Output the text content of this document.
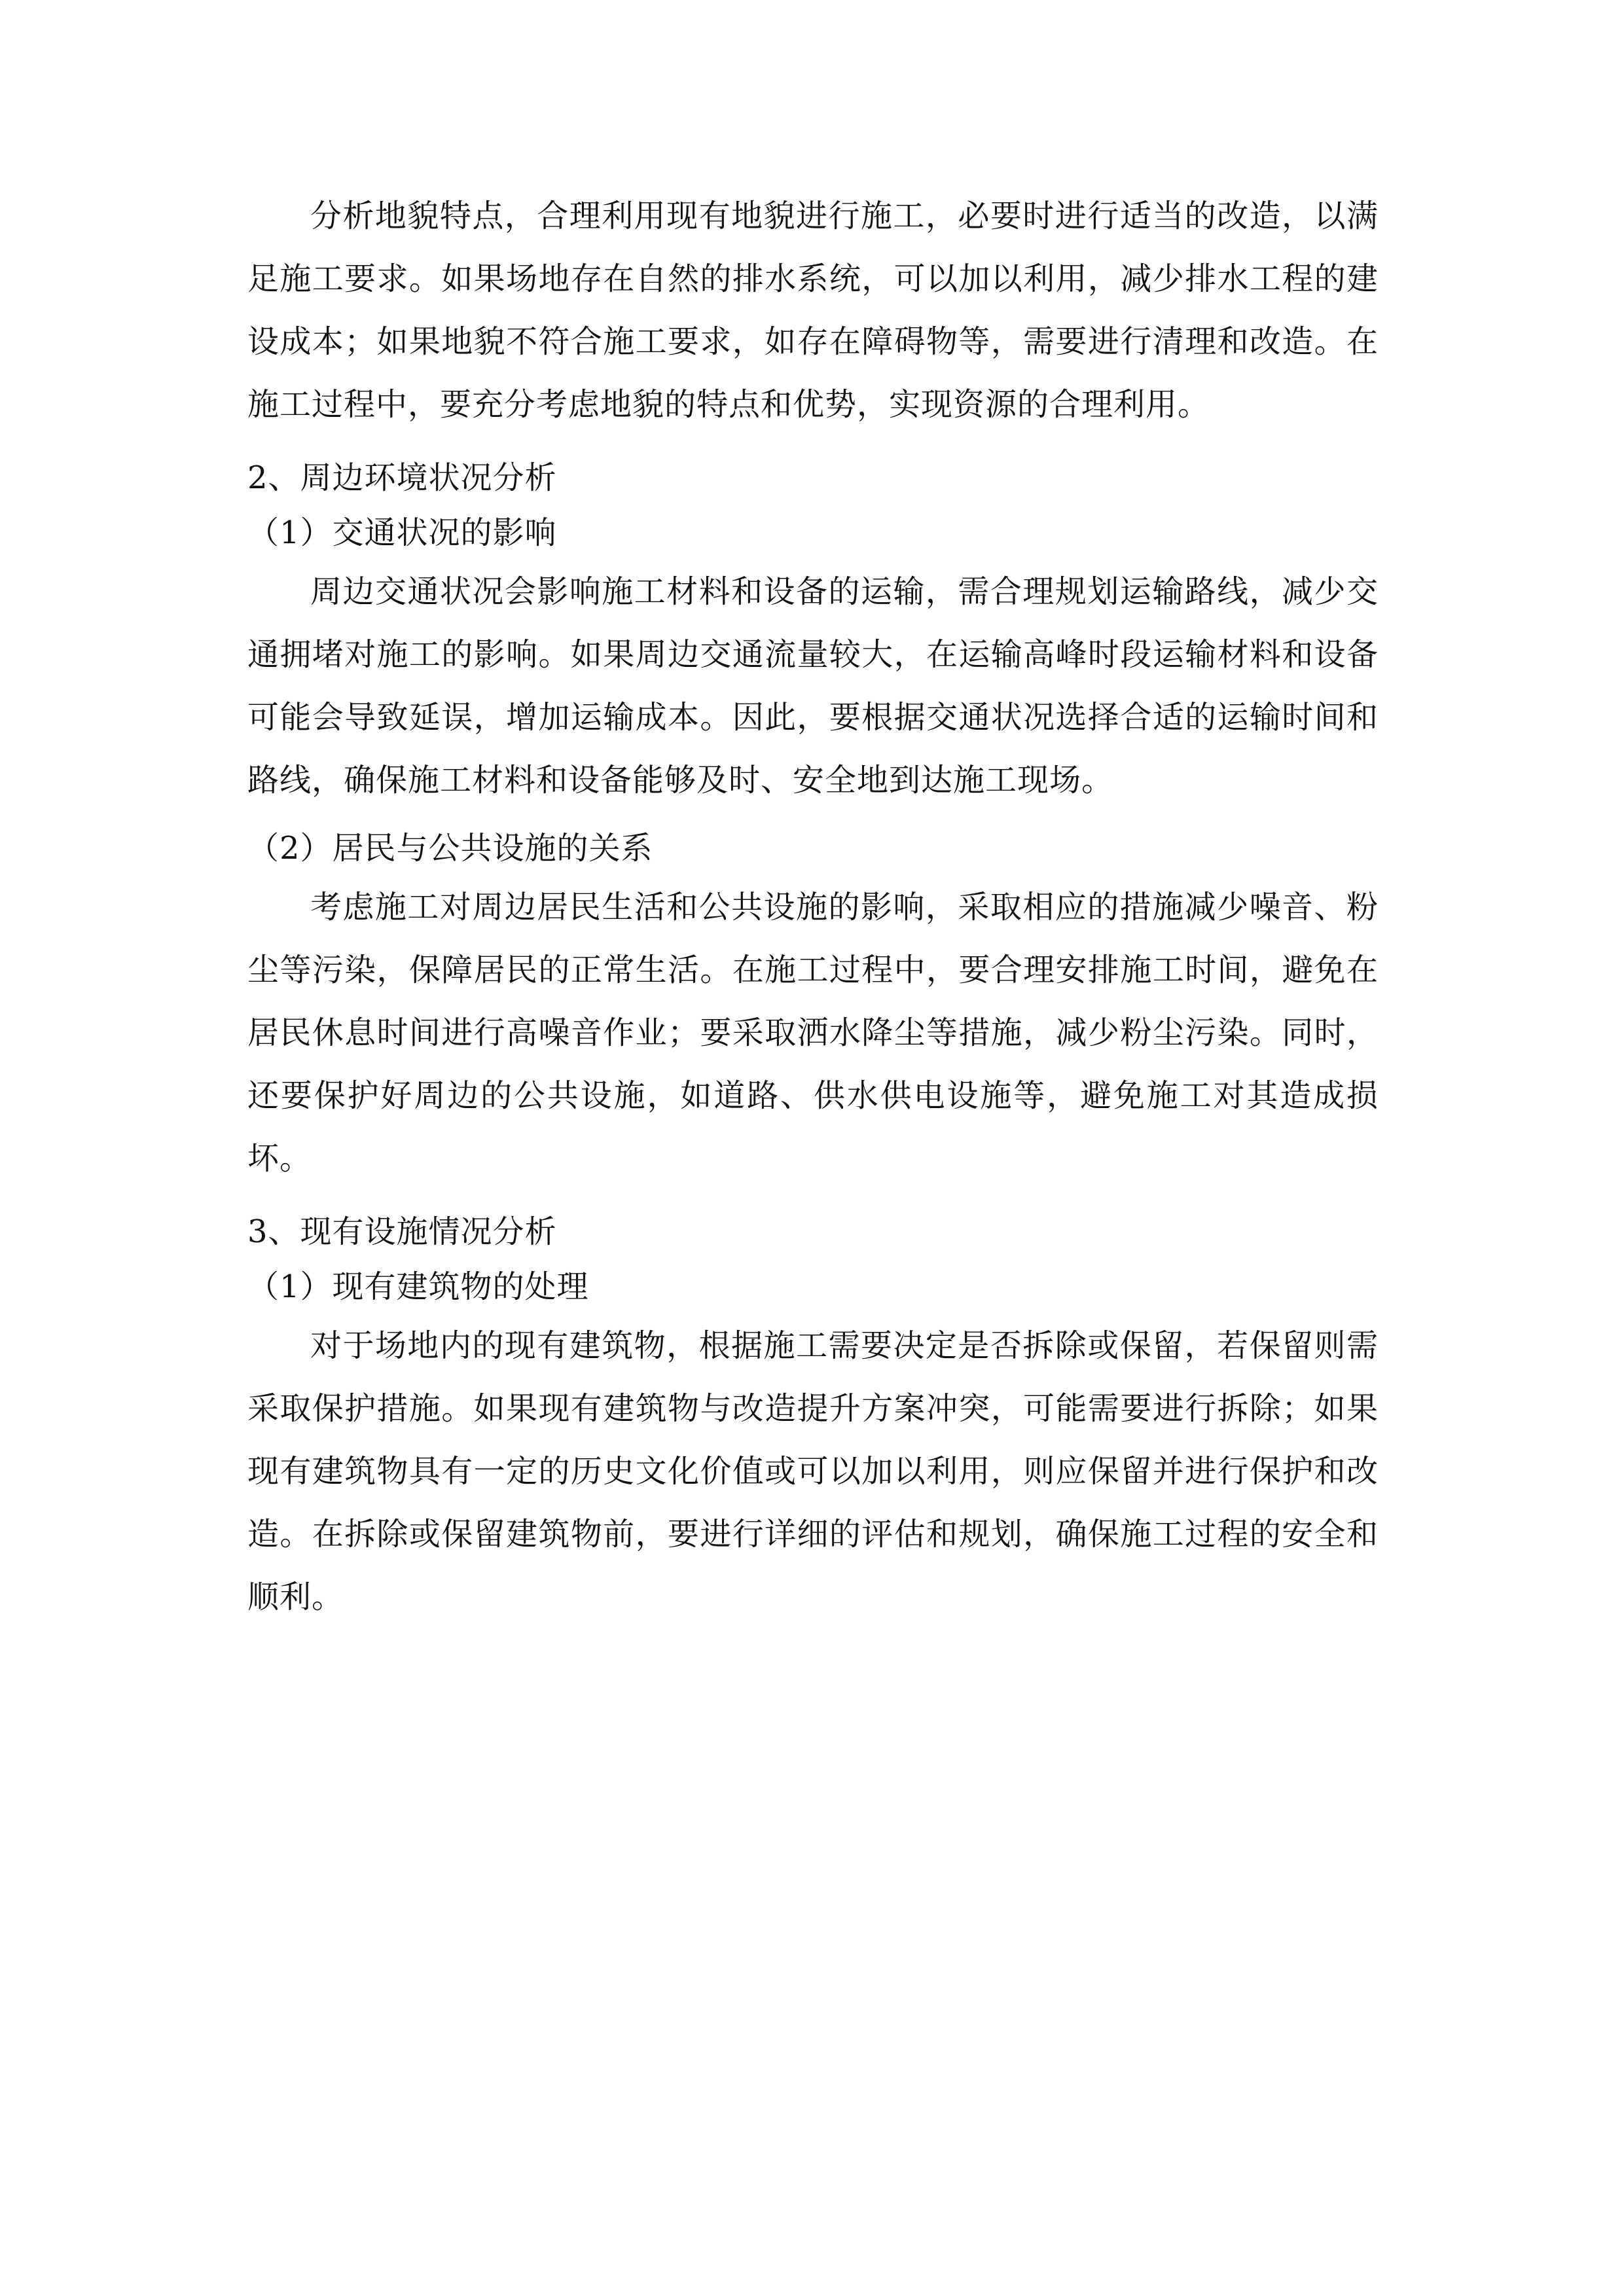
分析地貌特点，合理利用现有地貌进行施工，必要时进行适当的改造，以满足施工要求。如果场地存在自然的排水系统，可以加以利用，减少排水工程的建设成本；如果地貌不符合施工要求，如存在障碍物等，需要进行清理和改造。在施工过程中，要充分考虑地貌的特点和优势，实现资源的合理利用。

2、周边环境状况分析

（1）交通状况的影响

周边交通状况会影响施工材料和设备的运输，需合理规划运输路线，减少交通拥堵对施工的影响。如果周边交通流量较大，在运输高峰时段运输材料和设备可能会导致延误，增加运输成本。因此，要根据交通状况选择合适的运输时间和路线，确保施工材料和设备能够及时、安全地到达施工现场。

（2）居民与公共设施的关系

考虑施工对周边居民生活和公共设施的影响，采取相应的措施减少噪音、粉尘等污染，保障居民的正常生活。在施工过程中，要合理安排施工时间，避免在居民休息时间进行高噪音作业；要采取洒水降尘等措施，减少粉尘污染。同时，还要保护好周边的公共设施，如道路、供水供电设施等，避免施工对其造成损坏。

3、现有设施情况分析

（1）现有建筑物的处理

对于场地内的现有建筑物，根据施工需要决定是否拆除或保留，若保留则需采取保护措施。如果现有建筑物与改造提升方案冲突，可能需要进行拆除；如果现有建筑物具有一定的历史文化价值或可以加以利用，则应保留并进行保护和改造。在拆除或保留建筑物前，要进行详细的评估和规划，确保施工过程的安全和顺利。
